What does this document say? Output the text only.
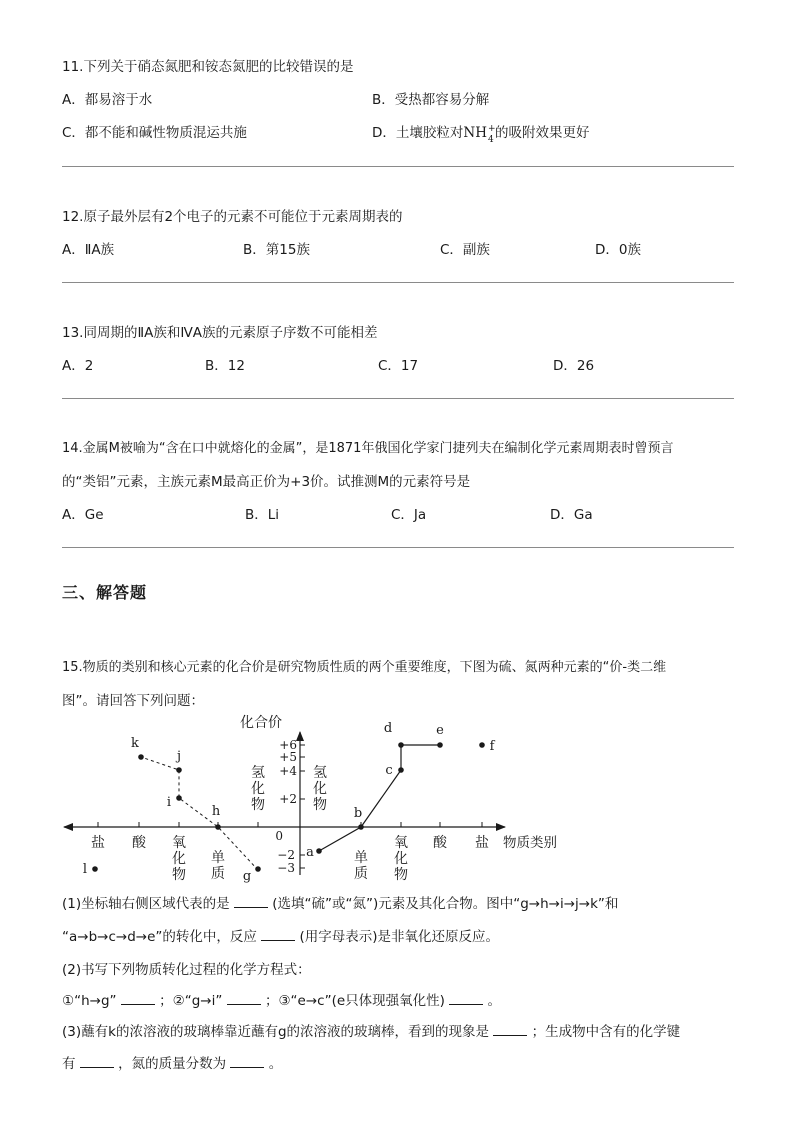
11.下列关于硝态氮肥和铵态氮肥的比较错误的是
A．都易溶于水	B．受热都容易分解
C．都不能和碱性物质混运共施	D．土壤胶粒对NH +
4 的吸附效果更好
12.原子最外层有2个电子的元素不可能位于元素周期表的
A．ⅡA族	B．第15族	C．副族	D．0族
13.同周期的ⅡA族和ⅣA族的元素原子序数不可能相差
A．2	B．12	C．17	D．26
14.金属M被喻为“含在口中就熔化的金属”，是1871年俄国化学家门捷列夫在编制化学元素周期表时曾预言
的“类铝”元素，主族元素M最高正价为+3价。试推测M的元素符号是
A．Ge	B．Li	C．Ja	D．Ga
三、解答题
15.物质的类别和核心元素的化合价是研究物质性质的两个重要维度，下图为硫、氮两种元素的“价-类二维
图”。请回答下列问题：
化合价
物质类别
+6
+5
+4
+2
0
−2
−3
盐 酸 氧
化
物
单
质
氢
化
物
氢
化
物
单
质
氧
化
物
酸 盐
k
j
i
h
g
l
a
b
c
d	e
f
(1)坐标轴右侧区域代表的是	(选填“硫”或“氮”)元素及其化合物。图中“g→h→i→j→k”和
“a→b→c→d→e”的转化中，反应	(用字母表示)是非氧化还原反应。
(2)书写下列物质转化过程的化学方程式：
①“h→g”	；②“g→i”	；③“e→c”(e只体现强氧化性)	。
(3)蘸有k的浓溶液的玻璃棒靠近蘸有g的浓溶液的玻璃棒，看到的现象是	；生成物中含有的化学键
有	，氮的质量分数为	。
